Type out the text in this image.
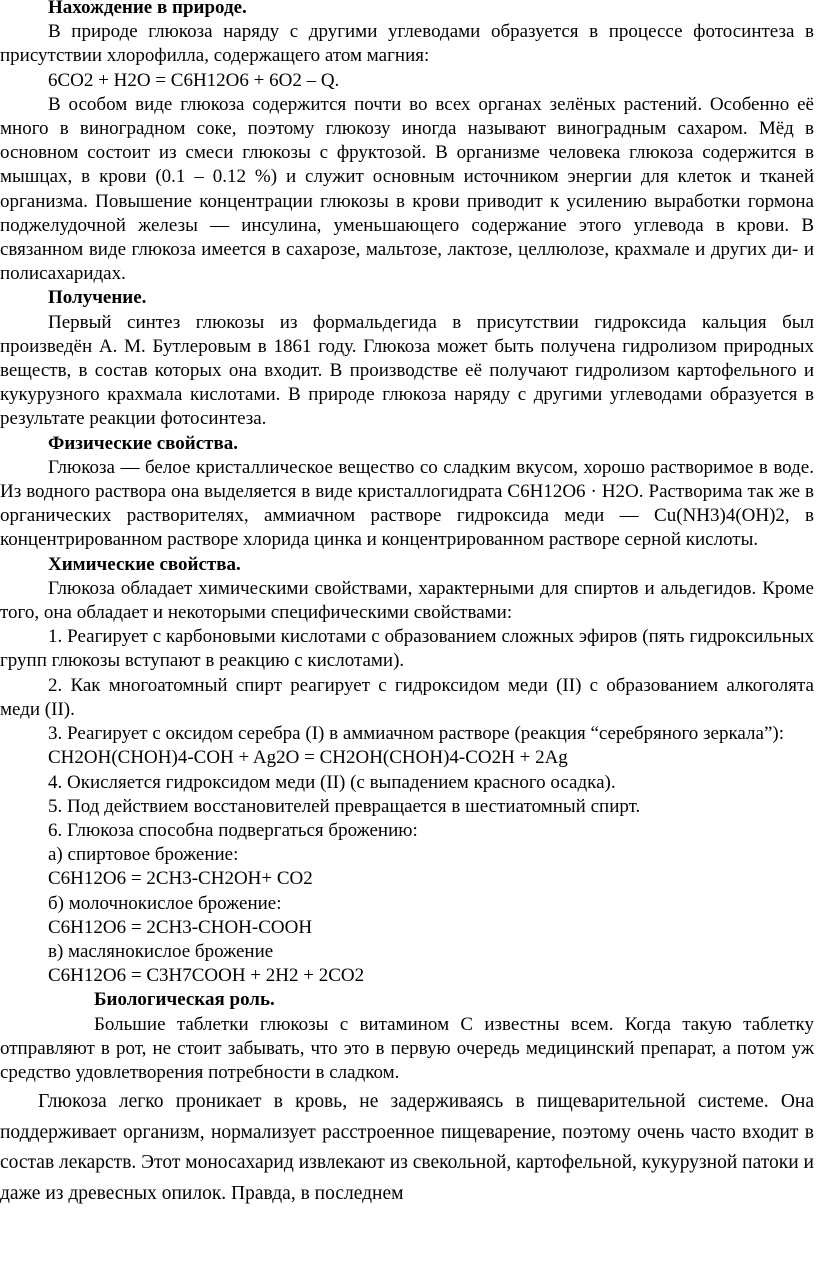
Нахождение в природе.

В природе глюкоза наряду с другими углеводами образуется в процессе фотосинтеза в присутствии хлорофилла, содержащего атом магния:

6CO2 + H2O = C6H12O6 + 6O2 – Q.

В особом виде глюкоза содержится почти во всех органах зелёных растений. Особенно её много в виноградном соке, поэтому глюкозу иногда называют виноградным сахаром. Мёд в основном состоит из смеси глюкозы с фруктозой. В организме человека глюкоза содержится в мышцах, в крови (0.1 – 0.12 %) и служит основным источником энергии для клеток и тканей организма. Повышение концентрации глюкозы в крови приводит к усилению выработки гормона поджелудочной железы — инсулина, уменьшающего содержание этого углевода в крови. В связанном виде глюкоза имеется в сахарозе, мальтозе, лактозе, целлюлозе, крахмале и других ди- и полисахаридах.

Получение.

Первый синтез глюкозы из формальдегида в присутствии гидроксида кальция был произведён А. М. Бутлеровым в 1861 году. Глюкоза может быть получена гидролизом природных веществ, в состав которых она входит. В производстве её получают гидролизом картофельного и кукурузного крахмала кислотами. В природе глюкоза наряду с другими углеводами образуется в результате реакции фотосинтеза.

Физические свойства.

Глюкоза — белое кристаллическое вещество со сладким вкусом, хорошо растворимое в воде. Из водного раствора она выделяется в виде кристаллогидрата C6H12O6 · H2O. Растворима так же в органических растворителях, аммиачном растворе гидроксида меди — Cu(NH3)4(OH)2, в концентрированном растворе хлорида цинка и концентрированном растворе серной кислоты.

Химические свойства.

Глюкоза обладает химическими свойствами, характерными для спиртов и альдегидов. Кроме того, она обладает и некоторыми специфическими свойствами:

1. Реагирует с карбоновыми кислотами с образованием сложных эфиров (пять гидроксильных групп глюкозы вступают в реакцию с кислотами).

2. Как многоатомный спирт реагирует с гидроксидом меди (II) с образованием алкоголята меди (II).

3. Реагирует с оксидом серебра (I) в аммиачном растворе (реакция “серебряного зеркала”):

CH2OH(CHOH)4-COH + Ag2O = CH2OH(CHOH)4-CO2H + 2Ag

4. Окисляется гидроксидом меди (II) (с выпадением красного осадка).

5. Под действием восстановителей превращается в шестиатомный спирт.

6. Глюкоза способна подвергаться брожению:

а) спиртовое брожение:

C6H12O6 = 2CH3-CH2OH+ CO2

б) молочнокислое брожение:

C6H12O6 = 2CH3-CHOH-COOH

в) маслянокислое брожение

C6H12O6 = C3H7COOH + 2H2 + 2CO2

Биологическая роль.

Большие таблетки глюкозы с витамином С известны всем. Когда такую таблетку отправляют в рот, не стоит забывать, что это в первую очередь медицинский препарат, а потом уж средство удовлетворения потребности в сладком.

Глюкоза легко проникает в кровь, не задерживаясь в пищеварительной системе. Она поддерживает организм, нормализует расстроенное пищеварение, поэтому очень часто входит в состав лекарств. Этот моносахарид извлекают из свекольной, картофельной, кукурузной патоки и даже из древесных опилок. Правда, в последнем
